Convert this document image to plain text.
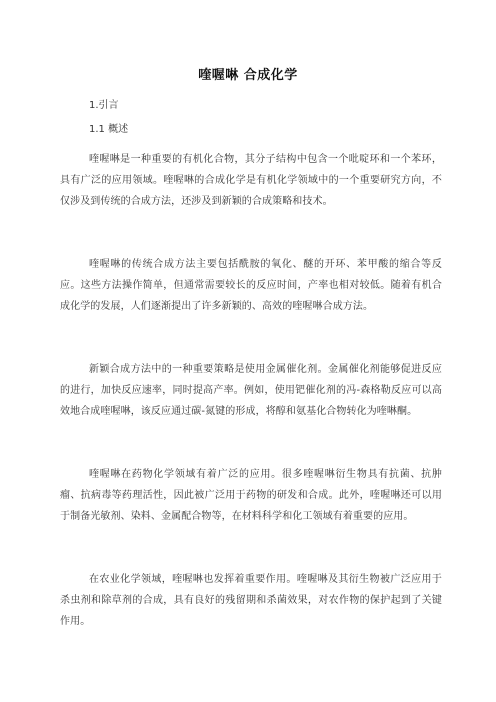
喹喔啉 合成化学
1.引言
1.1 概述

喹喔啉是一种重要的有机化合物，其分子结构中包含一个吡啶环和一个苯环，具有广泛的应用领域。喹喔啉的合成化学是有机化学领域中的一个重要研究方向，不仅涉及到传统的合成方法，还涉及到新颖的合成策略和技术。

喹喔啉的传统合成方法主要包括酰胺的氧化、醚的开环、苯甲酸的缩合等反应。这些方法操作简单，但通常需要较长的反应时间，产率也相对较低。随着有机合成化学的发展，人们逐渐提出了许多新颖的、高效的喹喔啉合成方法。

新颖合成方法中的一种重要策略是使用金属催化剂。金属催化剂能够促进反应的进行，加快反应速率，同时提高产率。例如，使用钯催化剂的冯-森格勒反应可以高效地合成喹喔啉，该反应通过碳-氮键的形成，将醇和氨基化合物转化为喹啉酮。

喹喔啉在药物化学领域有着广泛的应用。很多喹喔啉衍生物具有抗菌、抗肿瘤、抗病毒等药理活性，因此被广泛用于药物的研发和合成。此外，喹喔啉还可以用于制备光敏剂、染料、金属配合物等，在材料科学和化工领域有着重要的应用。

在农业化学领域，喹喔啉也发挥着重要作用。喹喔啉及其衍生物被广泛应用于杀虫剂和除草剂的合成，具有良好的残留期和杀菌效果，对农作物的保护起到了关键作用。
